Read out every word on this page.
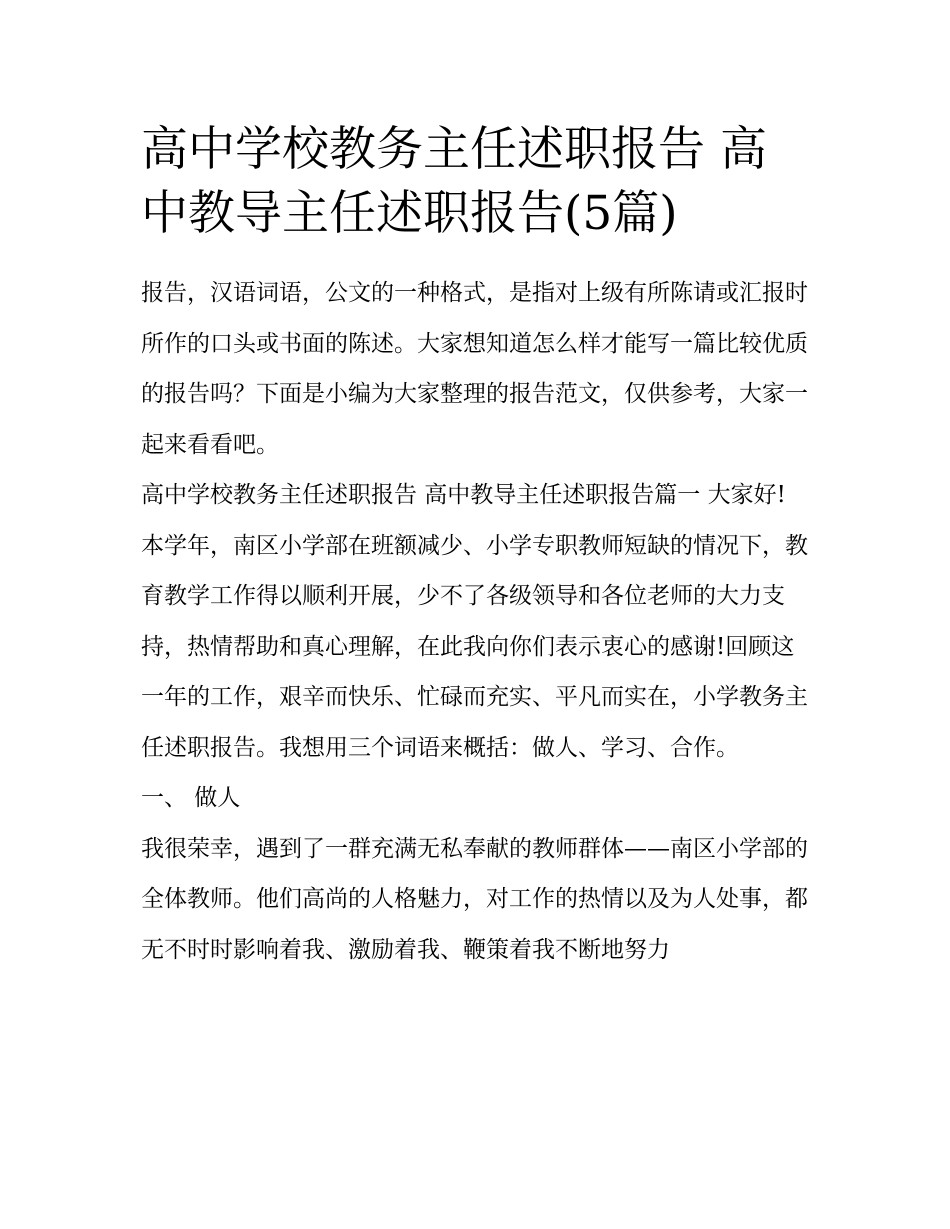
高中学校教务主任述职报告 高中教导主任述职报告(5篇)

报告，汉语词语，公文的一种格式，是指对上级有所陈请或汇报时所作的口头或书面的陈述。大家想知道怎么样才能写一篇比较优质的报告吗？下面是小编为大家整理的报告范文，仅供参考，大家一起来看看吧。

高中学校教务主任述职报告 高中教导主任述职报告篇一 大家好!

本学年，南区小学部在班额减少、小学专职教师短缺的情况下，教育教学工作得以顺利开展，少不了各级领导和各位老师的大力支持，热情帮助和真心理解，在此我向你们表示衷心的感谢!回顾这一年的工作，艰辛而快乐、忙碌而充实、平凡而实在，小学教务主任述职报告。我想用三个词语来概括：做人、学习、合作。

一、 做人

我很荣幸，遇到了一群充满无私奉献的教师群体——南区小学部的全体教师。他们高尚的人格魅力，对工作的热情以及为人处事，都无不时时影响着我、激励着我、鞭策着我不断地努力
